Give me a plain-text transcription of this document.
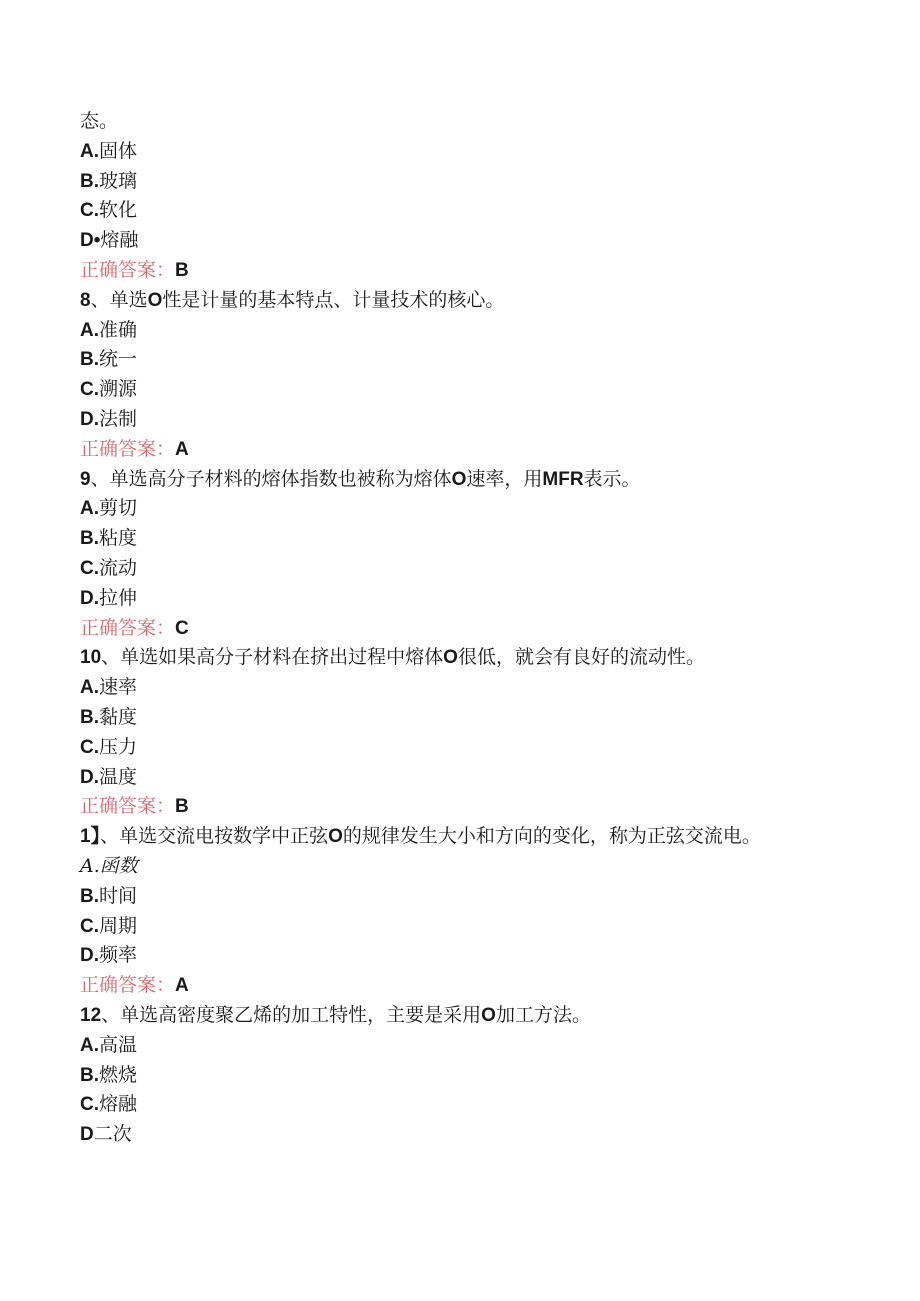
态。
A.固体
B.玻璃
C.软化
D•熔融
正确答案：B
8、单选O性是计量的基本特点、计量技术的核心。
A.准确
B.统一
C.溯源
D.法制
正确答案：A
9、单选高分子材料的熔体指数也被称为熔体O速率，用MFR表示。
A.剪切
B.粘度
C.流动
D.拉伸
正确答案：C
10、单选如果高分子材料在挤出过程中熔体O很低，就会有良好的流动性。
A.速率
B.黏度
C.压力
D.温度
正确答案：B
1】、单选交流电按数学中正弦O的规律发生大小和方向的变化，称为正弦交流电。
A.函数
B.时间
C.周期
D.频率
正确答案：A
12、单选高密度聚乙烯的加工特性，主要是采用O加工方法。
A.高温
B.燃烧
C.熔融
D二次
